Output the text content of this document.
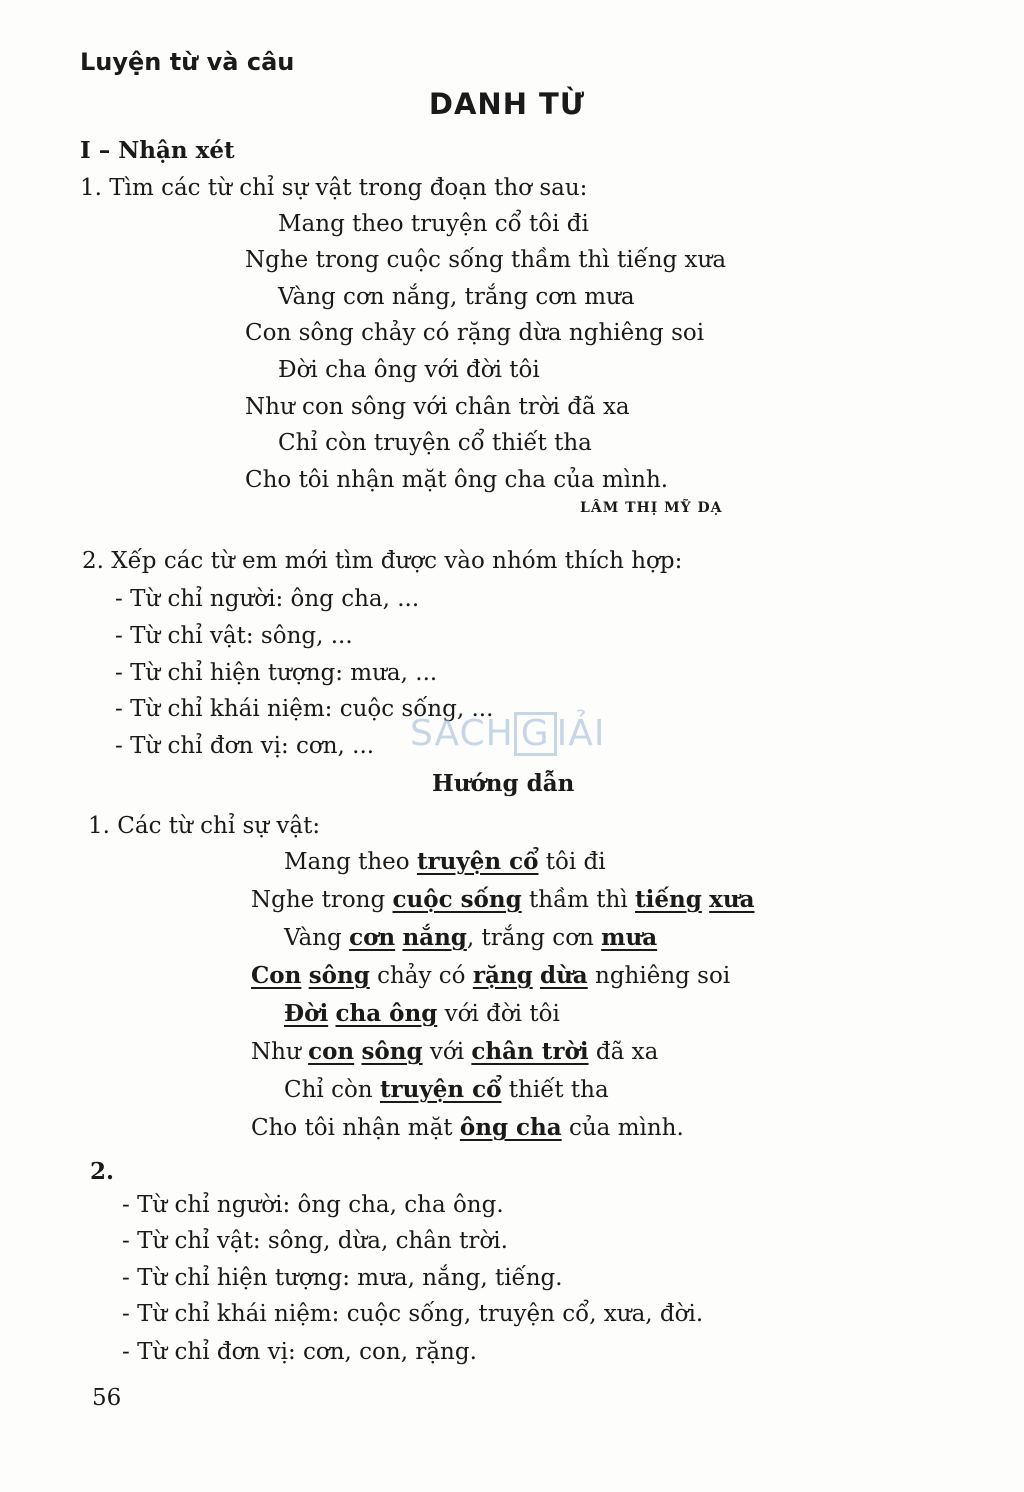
Luyện từ và câu
DANH TỪ
I – Nhận xét
1. Tìm các từ chỉ sự vật trong đoạn thơ sau:
Mang theo truyện cổ tôi đi
Nghe trong cuộc sống thầm thì tiếng xưa
Vàng cơn nắng, trắng cơn mưa
Con sông chảy có rặng dừa nghiêng soi
Đời cha ông với đời tôi
Như con sông với chân trời đã xa
Chỉ còn truyện cổ thiết tha
Cho tôi nhận mặt ông cha của mình.
LÂM THỊ MỸ DẠ
2. Xếp các từ em mới tìm được vào nhóm thích hợp:
- Từ chỉ người: ông cha, ...
- Từ chỉ vật: sông, ...
- Từ chỉ hiện tượng: mưa, ...
- Từ chỉ khái niệm: cuộc sống, ...
- Từ chỉ đơn vị: cơn, ... SACH G IẢI
Hướng dẫn
1. Các từ chỉ sự vật:
Mang theo truyện cổ tôi đi
Nghe trong cuộc sống thầm thì tiếng xưa
Vàng cơn nắng, trắng cơn mưa
Con sông chảy có rặng dừa nghiêng soi
Đời cha ông với đời tôi
Như con sông với chân trời đã xa
Chỉ còn truyện cổ thiết tha
Cho tôi nhận mặt ông cha của mình.
2.
- Từ chỉ người: ông cha, cha ông.
- Từ chỉ vật: sông, dừa, chân trời.
- Từ chỉ hiện tượng: mưa, nắng, tiếng.
- Từ chỉ khái niệm: cuộc sống, truyện cổ, xưa, đời.
- Từ chỉ đơn vị: cơn, con, rặng.
56
